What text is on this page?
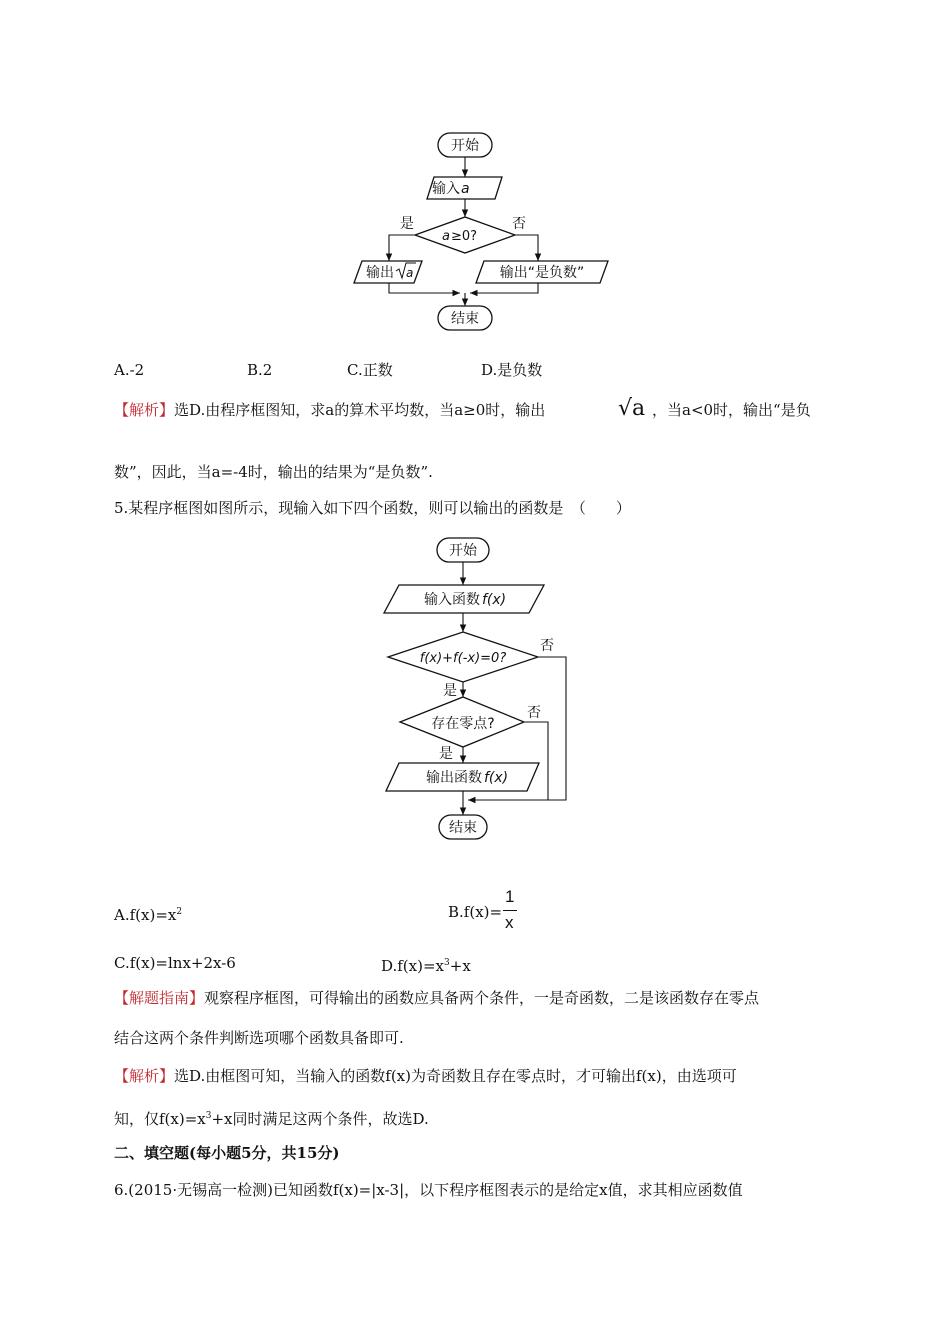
开始
输入 a
a ≥0?
是	否
输出 a	输出“是负数”
结束
A.-2	B.2	C.正数	D.是负数
【解析】选D.由程序框图知，求a的算术平均数，当a≥0时，输出	√a ，当a<0时，输出“是负
数”，因此，当a=-4时，输出的结果为“是负数”.
5.某程序框图如图所示，现输入如下四个函数，则可以输出的函数是　（　　）
开始
输入函数 f(x)
f(x)+f(-x)=0?
否
是
存在零点?
否
是
输出函数 f(x)
结束
$A.f(x)=x^2$	B.f(x)=
1
x
C.f(x)=lnx+2x-6	$D.f(x)=x^3+x$
【解题指南】观察程序框图，可得输出的函数应具备两个条件，一是奇函数，二是该函数存在零点
结合这两个条件判断选项哪个函数具备即可.
【解析】选D.由框图可知，当输入的函数f(x)为奇函数且存在零点时，才可输出f(x)，由选项可
知，仅$f(x)=x^3+x$同时满足这两个条件，故选D.
二、填空题(每小题5分，共15分)
6.(2015·无锡高一检测)已知函数f(x)=|x-3|，以下程序框图表示的是给定x值，求其相应函数值
